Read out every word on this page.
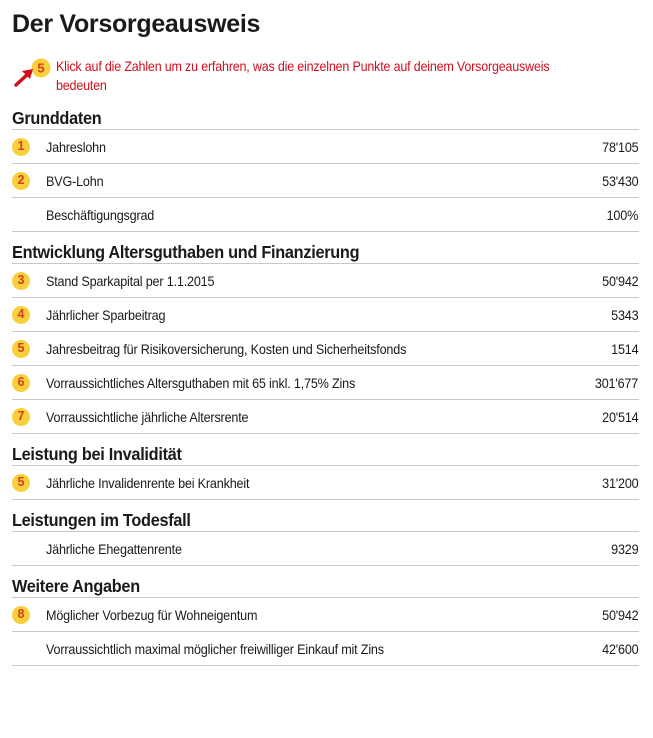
Der Vorsorgeausweis
5 Klick auf die Zahlen um zu erfahren, was die einzelnen Punkte auf deinem Vorsorgeausweis bedeuten
Grunddaten
1	Jahreslohn	78'105
2	BVG-Lohn	53'430
Beschäftigungsgrad	100%
Entwicklung Altersguthaben und Finanzierung
3	Stand Sparkapital per 1.1.2015	50'942
4	Jährlicher Sparbeitrag	5343
5	Jahresbeitrag für Risikoversicherung, Kosten und Sicherheitsfonds	1514
6	Vorraussichtliches Altersguthaben mit 65 inkl. 1,75% Zins	301'677
7	Vorraussichtliche jährliche Altersrente	20'514
Leistung bei Invalidität
5	Jährliche Invalidenrente bei Krankheit	31'200
Leistungen im Todesfall
Jährliche Ehegattenrente	9329
Weitere Angaben
8	Möglicher Vorbezug für Wohneigentum	50'942
Vorraussichtlich maximal möglicher freiwilliger Einkauf mit Zins	42'600
